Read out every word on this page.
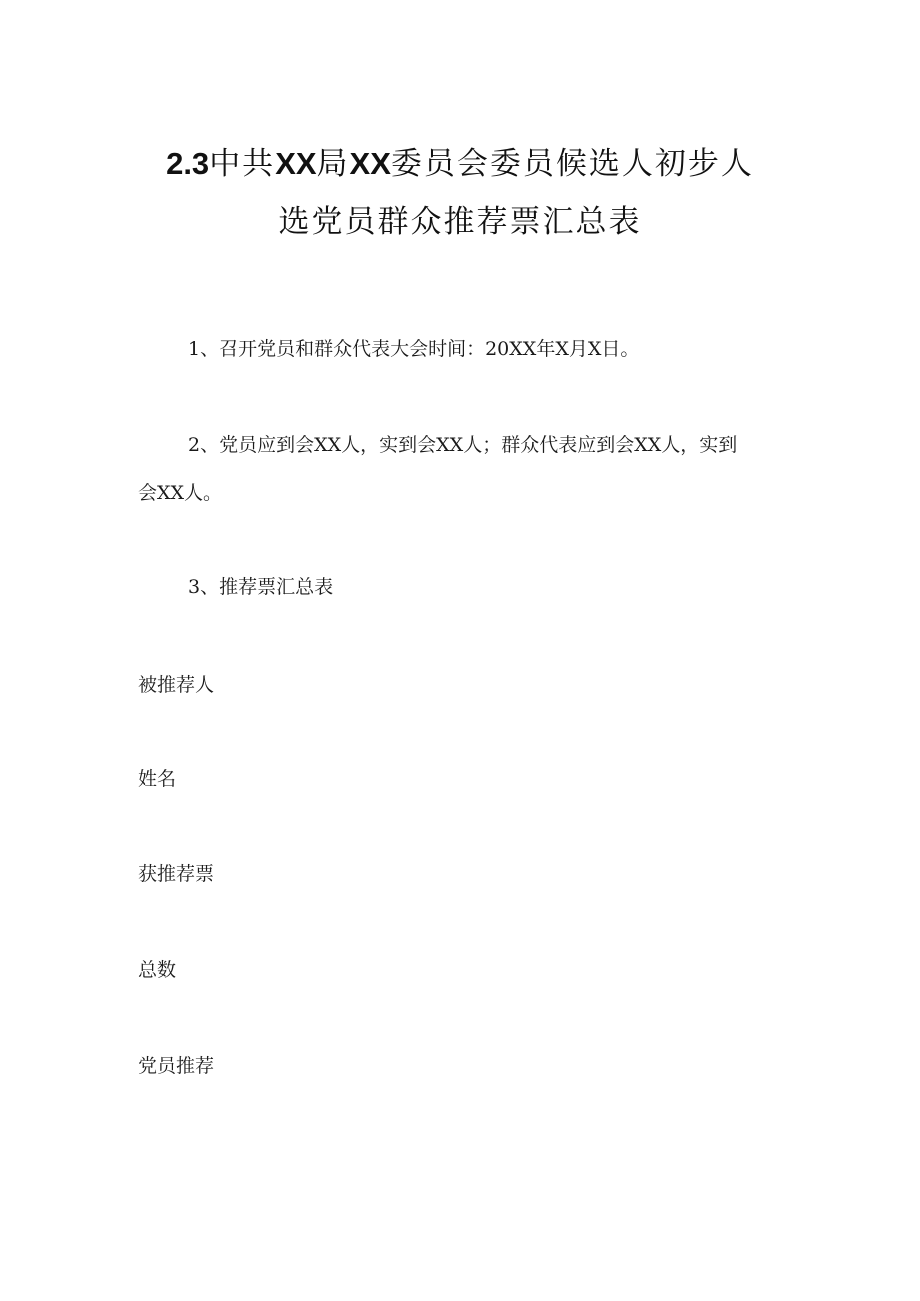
2.3中共XX局XX委员会委员候选人初步人
选党员群众推荐票汇总表
1、召开党员和群众代表大会时间：20XX年X月X日。
2、党员应到会XX人，实到会XX人；群众代表应到会XX人，实到
会XX人。
3、推荐票汇总表
被推荐人
姓名
获推荐票
总数
党员推荐
